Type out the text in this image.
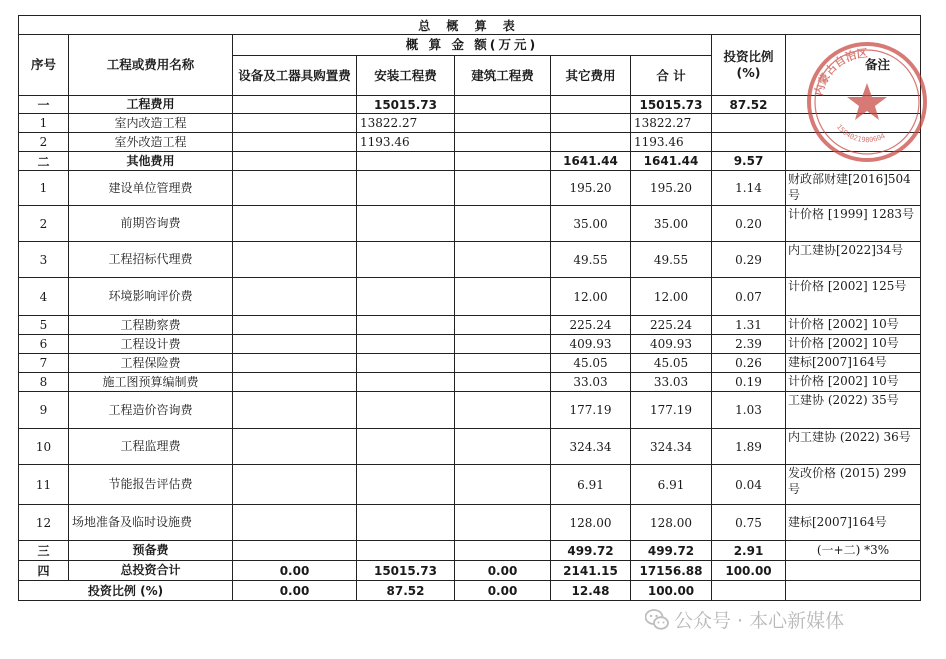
总 概 算 表								
序号	工程或费用名称	概 算 金 额(万元)					投资比例(%)	备注
		设备及工器具购置费	安装工程费	建筑工程费	其它费用	合 计		
一	工程费用		15015.73			15015.73	87.52	
1	室内改造工程		13822.27			13822.27		
2	室外改造工程		1193.46			1193.46		
二	其他费用				1641.44	1641.44	9.57	
1	建设单位管理费				195.20	195.20	1.14	财政部财建[2016]504号
2	前期咨询费				35.00	35.00	0.20	计价格 [1999] 1283号
3	工程招标代理费				49.55	49.55	0.29	内工建协[2022]34号
4	环境影响评价费				12.00	12.00	0.07	计价格 [2002] 125号
5	工程勘察费				225.24	225.24	1.31	计价格 [2002] 10号
6	工程设计费				409.93	409.93	2.39	计价格 [2002] 10号
7	工程保险费				45.05	45.05	0.26	建标[2007]164号
8	施工图预算编制费				33.03	33.03	0.19	计价格 [2002] 10号
9	工程造价咨询费				177.19	177.19	1.03	工建协 (2022) 35号
10	工程监理费				324.34	324.34	1.89	内工建协 (2022) 36号
11	节能报告评估费				6.91	6.91	0.04	发改价格 (2015) 299 号
12	场地准备及临时设施费				128.00	128.00	0.75	建标[2007]164号
三	预备费				499.72	499.72	2.91	(一+二) *3%
四	总投资合计	0.00	15015.73	0.00	2141.15	17156.88	100.00	
投资比例 (%)		0.00	87.52	0.00	12.48	100.00		
内蒙古自治区
1504021980604
公众号 · 本心新媒体
